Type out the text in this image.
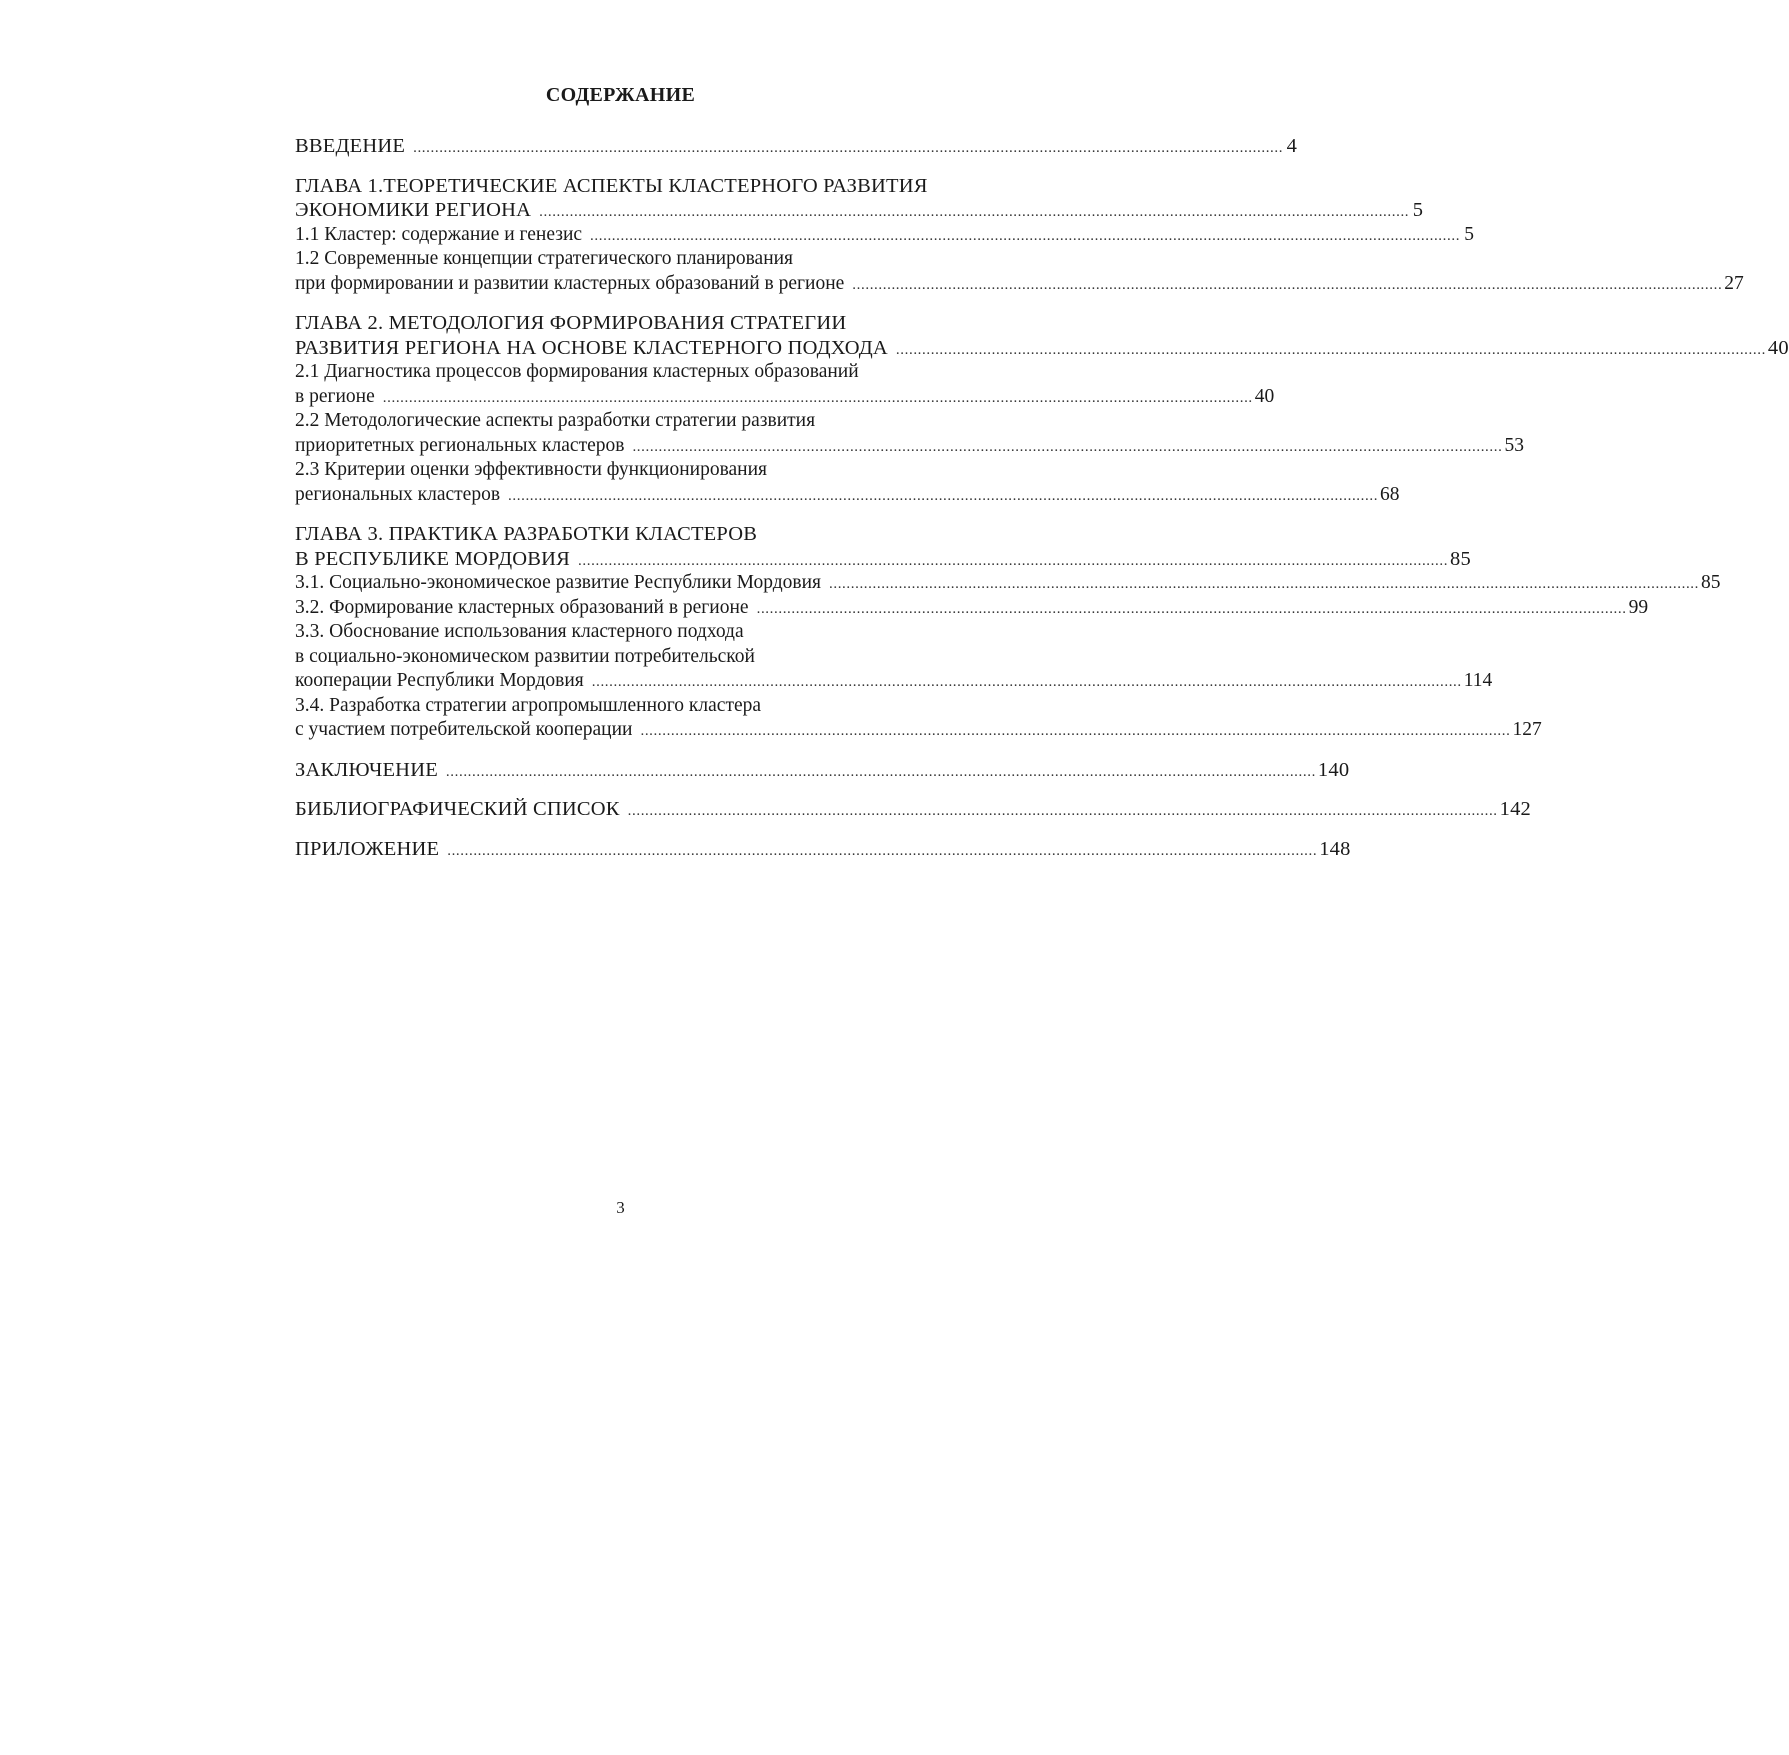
СОДЕРЖАНИЕ
ВВЕДЕНИЕ ........................................................................................................................................................................................................ 4
ГЛАВА 1.ТЕОРЕТИЧЕСКИЕ АСПЕКТЫ КЛАСТЕРНОГО РАЗВИТИЯ
ЭКОНОМИКИ РЕГИОНА ........................................................................................................................................................................................................ 5
1.1 Кластер: содержание и генезис ........................................................................................................................................................................................................ 5
1.2 Современные концепции стратегического планирования
при формировании и развитии кластерных образований в регионе ........................................................................................................................................................................................................ 27
ГЛАВА 2. МЕТОДОЛОГИЯ ФОРМИРОВАНИЯ СТРАТЕГИИ
РАЗВИТИЯ РЕГИОНА НА ОСНОВЕ КЛАСТЕРНОГО ПОДХОДА ........................................................................................................................................................................................................ 40
2.1 Диагностика процессов формирования кластерных образований
в регионе ........................................................................................................................................................................................................ 40
2.2 Методологические аспекты разработки стратегии развития
приоритетных региональных кластеров ........................................................................................................................................................................................................ 53
2.3 Критерии оценки эффективности функционирования
региональных кластеров ........................................................................................................................................................................................................ 68
ГЛАВА 3. ПРАКТИКА РАЗРАБОТКИ КЛАСТЕРОВ
В РЕСПУБЛИКЕ МОРДОВИЯ ........................................................................................................................................................................................................ 85
3.1. Социально-экономическое развитие Республики Мордовия ........................................................................................................................................................................................................ 85
3.2. Формирование кластерных образований в регионе ........................................................................................................................................................................................................ 99
3.3. Обоснование использования кластерного подхода
в социально-экономическом развитии потребительской
кооперации Республики Мордовия ........................................................................................................................................................................................................ 114
3.4. Разработка стратегии агропромышленного кластера
с участием потребительской кооперации ........................................................................................................................................................................................................ 127
ЗАКЛЮЧЕНИЕ ........................................................................................................................................................................................................ 140
БИБЛИОГРАФИЧЕСКИЙ СПИСОК ........................................................................................................................................................................................................ 142
ПРИЛОЖЕНИЕ ........................................................................................................................................................................................................ 148
3
